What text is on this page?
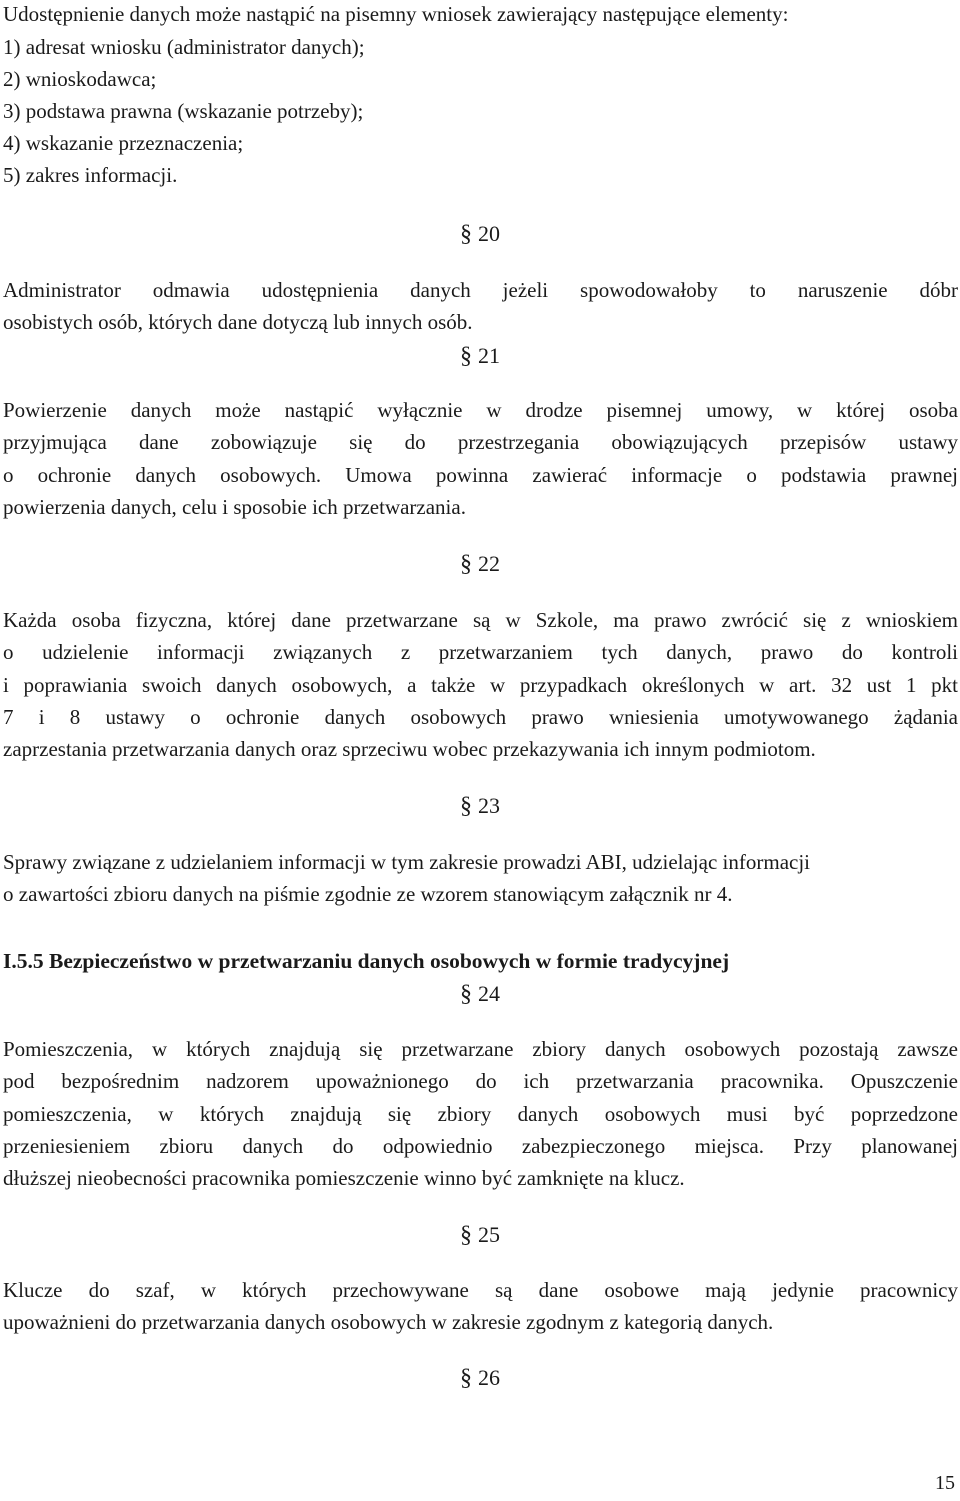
Udostępnienie danych może nastąpić na pisemny wniosek zawierający następujące elementy:
1) adresat wniosku (administrator danych);
2) wnioskodawca;
3) podstawa prawna (wskazanie potrzeby);
4) wskazanie przeznaczenia;
5) zakres informacji.
§ 20
Administrator odmawia udostępnienia danych jeżeli spowodowałoby to naruszenie dóbr
osobistych osób, których dane dotyczą lub innych osób.
§ 21
Powierzenie danych może nastąpić wyłącznie w drodze pisemnej umowy, w której osoba
przyjmująca dane zobowiązuje się do przestrzegania obowiązujących przepisów ustawy
o ochronie danych osobowych. Umowa powinna zawierać informacje o podstawia prawnej
powierzenia danych, celu i sposobie ich przetwarzania.
§ 22
Każda osoba fizyczna, której dane przetwarzane są w Szkole, ma prawo zwrócić się z wnioskiem
o udzielenie informacji związanych z przetwarzaniem tych danych, prawo do kontroli
i poprawiania swoich danych osobowych, a także w przypadkach określonych w art. 32 ust 1 pkt
7 i 8 ustawy o ochronie danych osobowych prawo wniesienia umotywowanego żądania
zaprzestania przetwarzania danych oraz sprzeciwu wobec przekazywania ich innym podmiotom.
§ 23
Sprawy związane z udzielaniem informacji w tym zakresie prowadzi ABI, udzielając informacji
o zawartości zbioru danych na piśmie zgodnie ze wzorem stanowiącym załącznik nr 4.
I.5.5 Bezpieczeństwo w przetwarzaniu danych osobowych w formie tradycyjnej
§ 24
Pomieszczenia, w których znajdują się przetwarzane zbiory danych osobowych pozostają zawsze
pod bezpośrednim nadzorem upoważnionego do ich przetwarzania pracownika. Opuszczenie
pomieszczenia, w których znajdują się zbiory danych osobowych musi być poprzedzone
przeniesieniem zbioru danych do odpowiednio zabezpieczonego miejsca. Przy planowanej
dłuższej nieobecności pracownika pomieszczenie winno być zamknięte na klucz.
§ 25
Klucze do szaf, w których przechowywane są dane osobowe mają jedynie pracownicy
upoważnieni do przetwarzania danych osobowych w zakresie zgodnym z kategorią danych.
§ 26
15
